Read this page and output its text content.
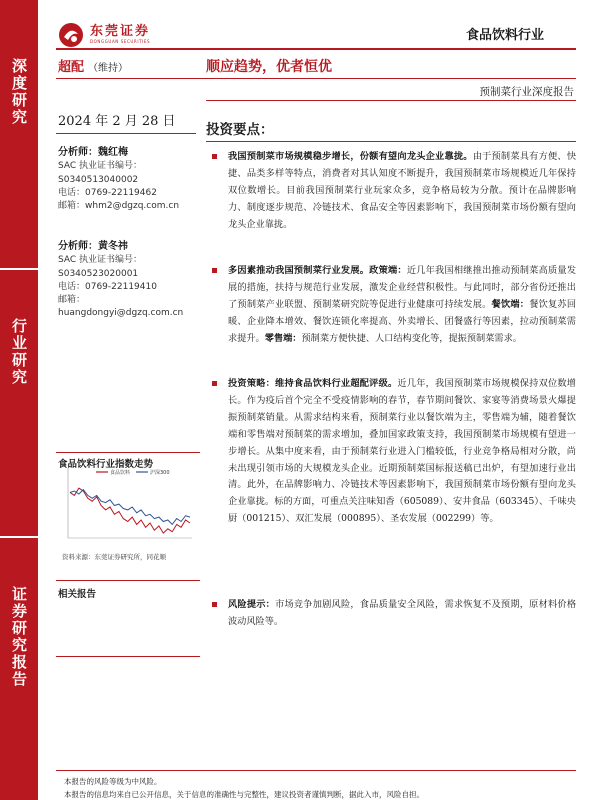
深度研究
行业研究
证券研究报告
东莞证券
DONGGUAN SECURITIES	食品饮料行业
超配 （维持）	顺应趋势，优者恒优
预制菜行业深度报告
2024 年 2 月 28 日
分析师：魏红梅
SAC 执业证书编号：
S0340513040002
电话：0769-22119462
邮箱：whm2@dgzq.com.cn
分析师：黄冬祎
SAC 执业证书编号：
S0340523020001
电话：0769-22119410
邮箱：
huangdongyi@dgzq.com.cn
食品饮料行业指数走势
食品饮料	沪深300
资料来源：东莞证券研究所，同花顺
相关报告
投资要点：
我国预制菜市场规模稳步增长，份额有望向龙头企业靠拢。由于预制菜具有方便、快捷、品类多样等特点，消费者对其认知度不断提升，我国预制菜市场规模近几年保持双位数增长。目前我国预制菜行业玩家众多，竞争格局较为分散。预计在品牌影响力、制度逐步规范、冷链技术、食品安全等因素影响下，我国预制菜市场份额有望向龙头企业靠拢。
多因素推动我国预制菜行业发展。政策端：近几年我国相继推出推动预制菜高质量发展的措施，扶持与规范行业发展，激发企业经营积极性。与此同时，部分省份还推出了预制菜产业联盟、预制菜研究院等促进行业健康可持续发展。餐饮端：餐饮复苏回暖、企业降本增效、餐饮连锁化率提高、外卖增长、团餐盛行等因素，拉动预制菜需求提升。零售端：预制菜方便快捷、人口结构变化等，提振预制菜需求。
投资策略：维持食品饮料行业超配评级。近几年，我国预制菜市场规模保持双位数增长。作为疫后首个完全不受疫情影响的春节，春节期间餐饮、家宴等消费场景火爆提振预制菜销量。从需求结构来看，预制菜行业以餐饮端为主，零售端为辅，随着餐饮端和零售端对预制菜的需求增加，叠加国家政策支持，我国预制菜市场规模有望进一步增长。从集中度来看，由于预制菜行业进入门槛较低，行业竞争格局相对分散，尚未出现引领市场的大规模龙头企业。近期预制菜国标报送稿已出炉，有望加速行业出清。此外，在品牌影响力、冷链技术等因素影响下，我国预制菜市场份额有望向龙头企业靠拢。标的方面，可重点关注味知香（605089）、安井食品（603345）、千味央厨（001215）、双汇发展（000895）、圣农发展（002299）等。
风险提示：市场竞争加剧风险，食品质量安全风险，需求恢复不及预期，原材料价格波动风险等。
本报告的风险等级为中风险。
本报告的信息均来自已公开信息，关于信息的准确性与完整性，建议投资者谨慎判断，据此入市，风险自担。
